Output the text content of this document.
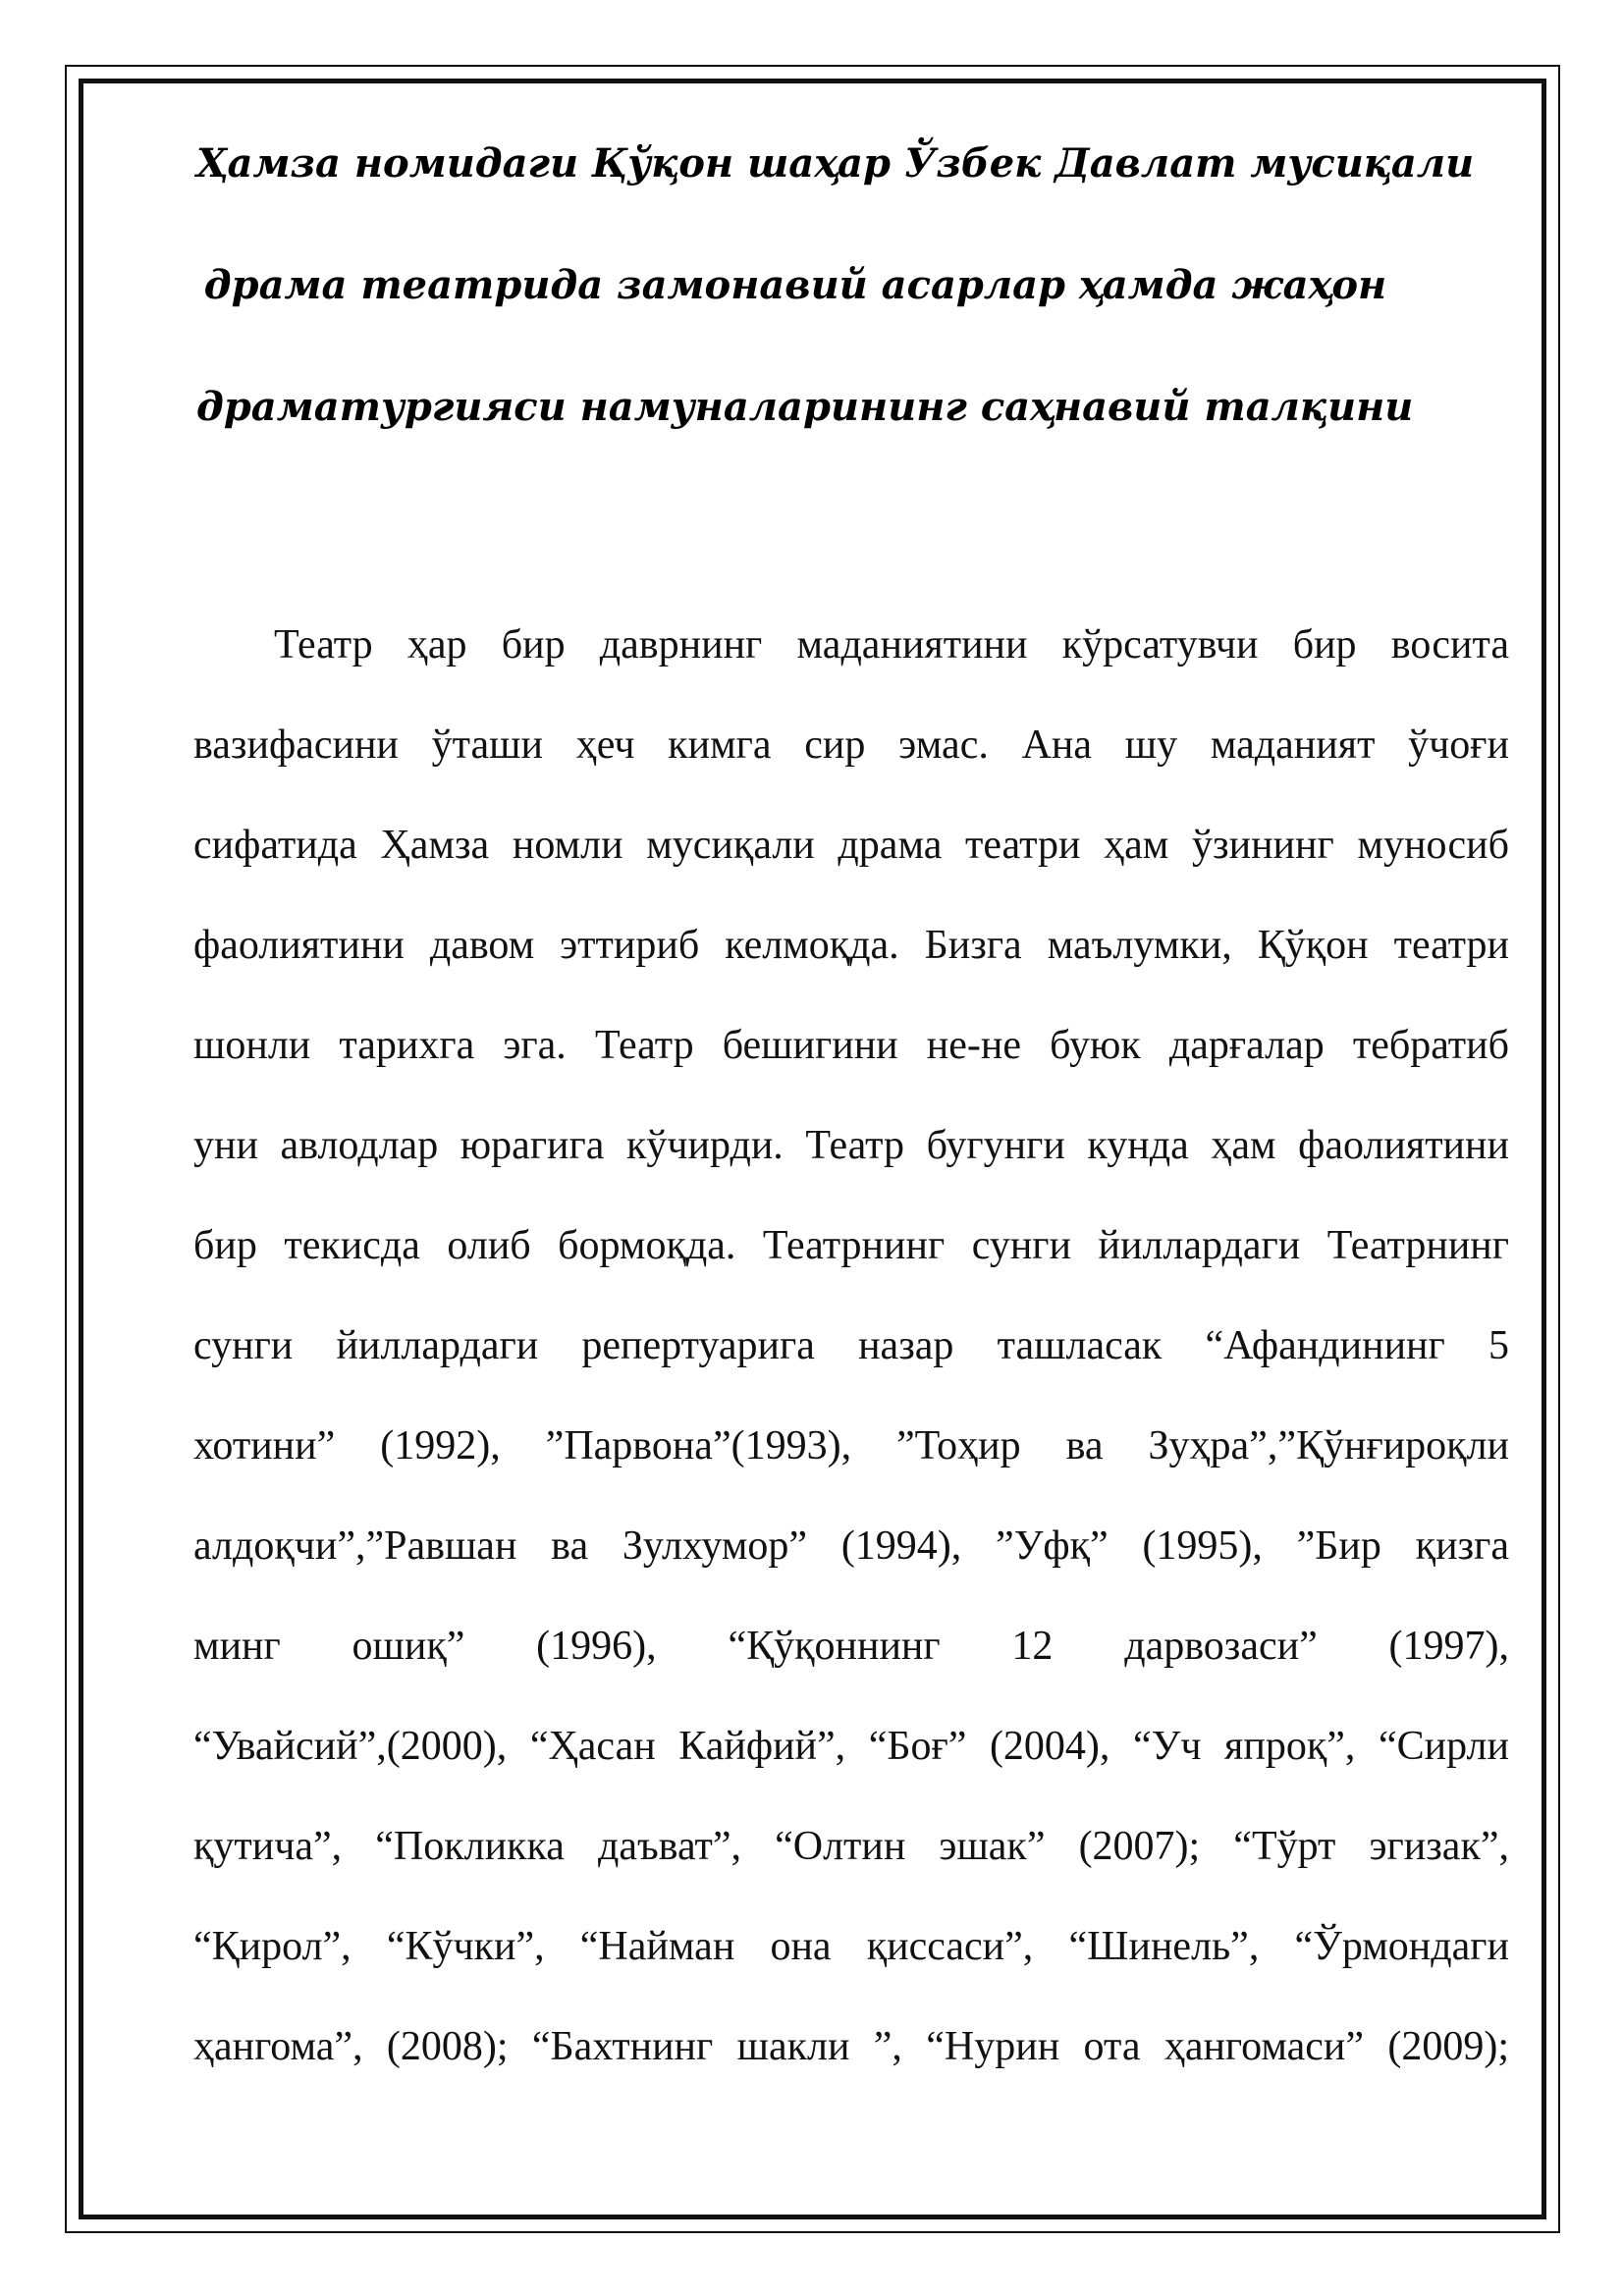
Ҳамза номидаги Қўқон шаҳар Ўзбек Давлат мусиқали
драма театрида замонавий асарлар ҳамда жаҳон
драматургияси намуналарининг саҳнавий талқини
Театр ҳар бир даврнинг маданиятини кўрсатувчи бир восита
вазифасини ўташи ҳеч кимга сир эмас. Ана шу маданият ўчоғи
сифатида Ҳамза номли мусиқали драма театри ҳам ўзининг муносиб
фаолиятини давом эттириб келмоқда. Бизга маълумки, Қўқон театри
шонли тарихга эга. Театр бешигини не-не буюк дарғалар тебратиб
уни авлодлар юрагига кўчирди. Театр бугунги кунда ҳам фаолиятини
бир текисда олиб бормоқда. Театрнинг сунги йиллардаги Театрнинг
сунги йиллардаги репертуарига назар ташласак “Афандининг 5
хотини” (1992), ”Парвона”(1993), ”Тоҳир ва Зуҳра”,”Қўнғироқли
алдоқчи”,”Равшан ва Зулхумор” (1994), ”Уфқ” (1995), ”Бир қизга
минг ошиқ” (1996), “Қўқоннинг 12 дарвозаси” (1997),
“Увайсий”,(2000), “Ҳасан Кайфий”, “Боғ” (2004), “Уч япроқ”, “Сирли
қутича”, “Покликка даъват”, “Олтин эшак” (2007); “Тўрт эгизак”,
“Қирол”, “Кўчки”, “Найман она қиссаси”, “Шинель”, “Ўрмондаги
ҳангома”, (2008); “Бахтнинг шакли ”, “Нурин ота ҳангомаси” (2009);
